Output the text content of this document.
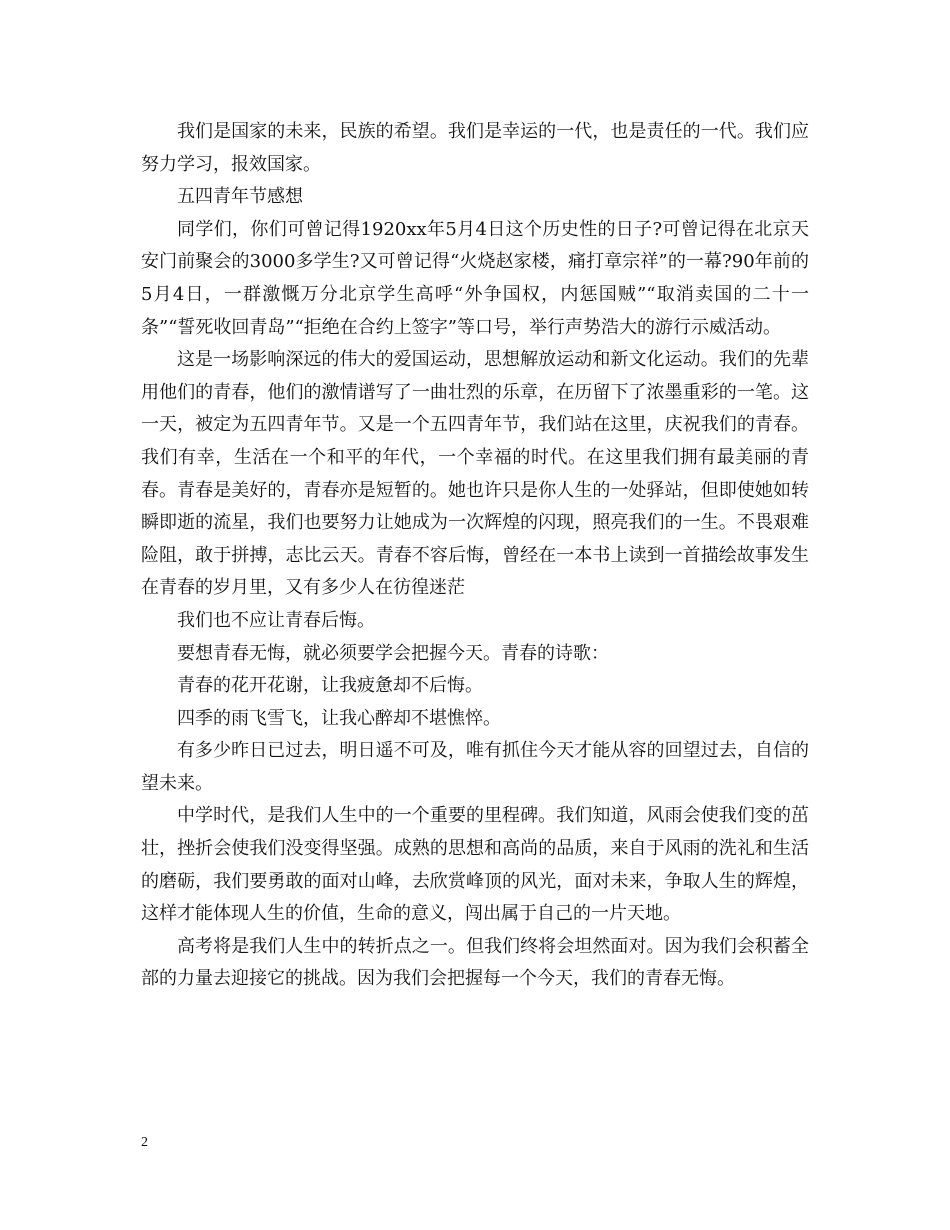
我们是国家的未来，民族的希望。我们是幸运的一代，也是责任的一代。我们应努力学习，报效国家。

五四青年节感想

同学们，你们可曾记得1920xx年5月4日这个历史性的日子?可曾记得在北京天安门前聚会的3000多学生?又可曾记得“火烧赵家楼，痛打章宗祥”的一幕?90年前的5月4日，一群激慨万分北京学生高呼“外争国权，内惩国贼”“取消卖国的二十一条”“誓死收回青岛”“拒绝在合约上签字”等口号，举行声势浩大的游行示威活动。

这是一场影响深远的伟大的爱国运动，思想解放运动和新文化运动。我们的先辈用他们的青春，他们的激情谱写了一曲壮烈的乐章，在历留下了浓墨重彩的一笔。这一天，被定为五四青年节。又是一个五四青年节，我们站在这里，庆祝我们的青春。我们有幸，生活在一个和平的年代，一个幸福的时代。在这里我们拥有最美丽的青春。青春是美好的，青春亦是短暂的。她也许只是你人生的一处驿站，但即使她如转瞬即逝的流星，我们也要努力让她成为一次辉煌的闪现，照亮我们的一生。不畏艰难险阻，敢于拼搏，志比云天。青春不容后悔，曾经在一本书上读到一首描绘故事发生在青春的岁月里，又有多少人在彷徨迷茫

我们也不应让青春后悔。

要想青春无悔，就必须要学会把握今天。青春的诗歌：

青春的花开花谢，让我疲惫却不后悔。

四季的雨飞雪飞，让我心醉却不堪憔悴。

有多少昨日已过去，明日遥不可及，唯有抓住今天才能从容的回望过去，自信的望未来。

中学时代，是我们人生中的一个重要的里程碑。我们知道，风雨会使我们变的茁壮，挫折会使我们没变得坚强。成熟的思想和高尚的品质，来自于风雨的洗礼和生活的磨砺，我们要勇敢的面对山峰，去欣赏峰顶的风光，面对未来，争取人生的辉煌，这样才能体现人生的价值，生命的意义，闯出属于自己的一片天地。

高考将是我们人生中的转折点之一。但我们终将会坦然面对。因为我们会积蓄全部的力量去迎接它的挑战。因为我们会把握每一个今天，我们的青春无悔。

2
